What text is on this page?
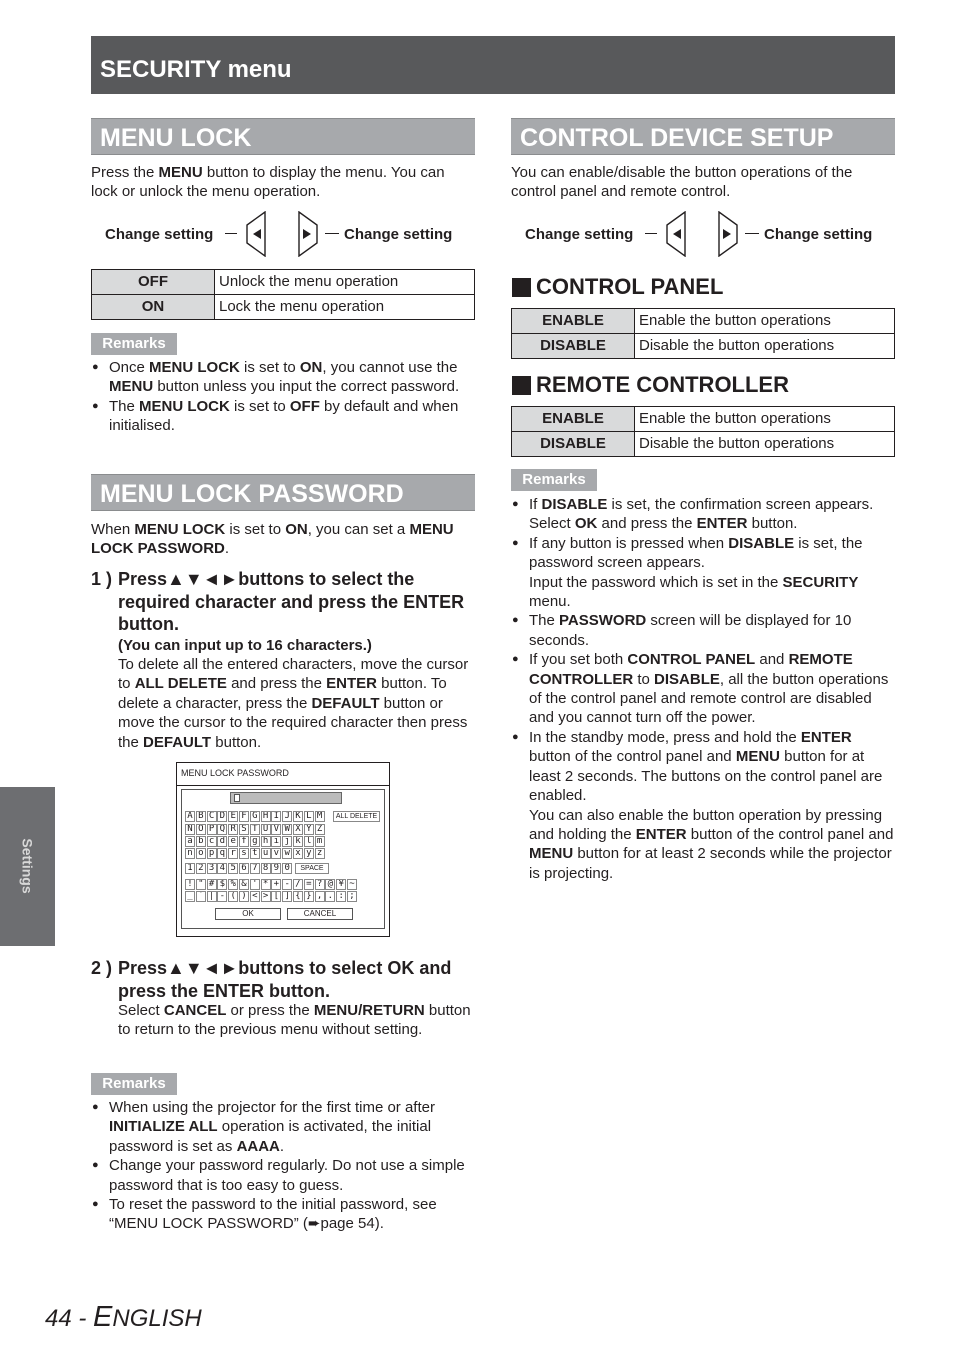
SECURITY menu
Settings
MENU LOCK
Press the MENU button to display the menu. You can lock or unlock the menu operation.
Change setting	Change setting
OFF	Unlock the menu operation
ON	Lock the menu operation
Remarks
● Once MENU LOCK is set to ON, you cannot use the MENU button unless you input the correct password.
● The MENU LOCK is set to OFF by default and when initialised.
MENU LOCK PASSWORD
When MENU LOCK is set to ON, you can set a MENU LOCK PASSWORD.
1 ) Press▲▼◄►buttons to select the required character and press the ENTER button.
(You can input up to 16 characters.)
To delete all the entered characters, move the cursor to ALL DELETE and press the ENTER button. To delete a character, press the DEFAULT button or move the cursor to the required character then press the DEFAULT button.
2 ) Press▲▼◄►buttons to select OK and press the ENTER button.
Select CANCEL or press the MENU/RETURN button to return to the previous menu without setting.
Remarks
● When using the projector for the first time or after INITIALIZE ALL operation is activated, the initial password is set as AAAA.
● Change your password regularly. Do not use a simple password that is too easy to guess.
● To reset the password to the initial password, see “MENU LOCK PASSWORD” (➨page 54).
MENU LOCK PASSWORD
A B C D E F G H I J K L M
N O P Q R S T U V W X Y Z
a b c d e f g h i j k l m
n o p q r s t u v w x y z
1 2 3 4 5 6 7 8 9 0
! " # $ % & ' * + - / = ? @ ¥ ~
_ ` | - ( ) < > [ ] { } , . : ;
ALL DELETE
SPACE
OK	CANCEL
CONTROL DEVICE SETUP
You can enable/disable the button operations of the control panel and remote control.
Change setting	Change setting
CONTROL PANEL
ENABLE	Enable the button operations
DISABLE	Disable the button operations
REMOTE CONTROLLER
ENABLE	Enable the button operations
DISABLE	Disable the button operations
Remarks
● If DISABLE is set, the confirmation screen appears. Select OK and press the ENTER button.
● If any button is pressed when DISABLE is set, the password screen appears.
Input the password which is set in the SECURITY menu.
● The PASSWORD screen will be displayed for 10 seconds.
● If you set both CONTROL PANEL and REMOTE CONTROLLER to DISABLE, all the button operations of the control panel and remote control are disabled and you cannot turn off the power.
● In the standby mode, press and hold the ENTER button of the control panel and MENU button for at least 2 seconds. The buttons on the control panel are enabled.
You can also enable the button operation by pressing and holding the ENTER button of the control panel and MENU button for at least 2 seconds while the projector is projecting.
44 - ENGLISH
